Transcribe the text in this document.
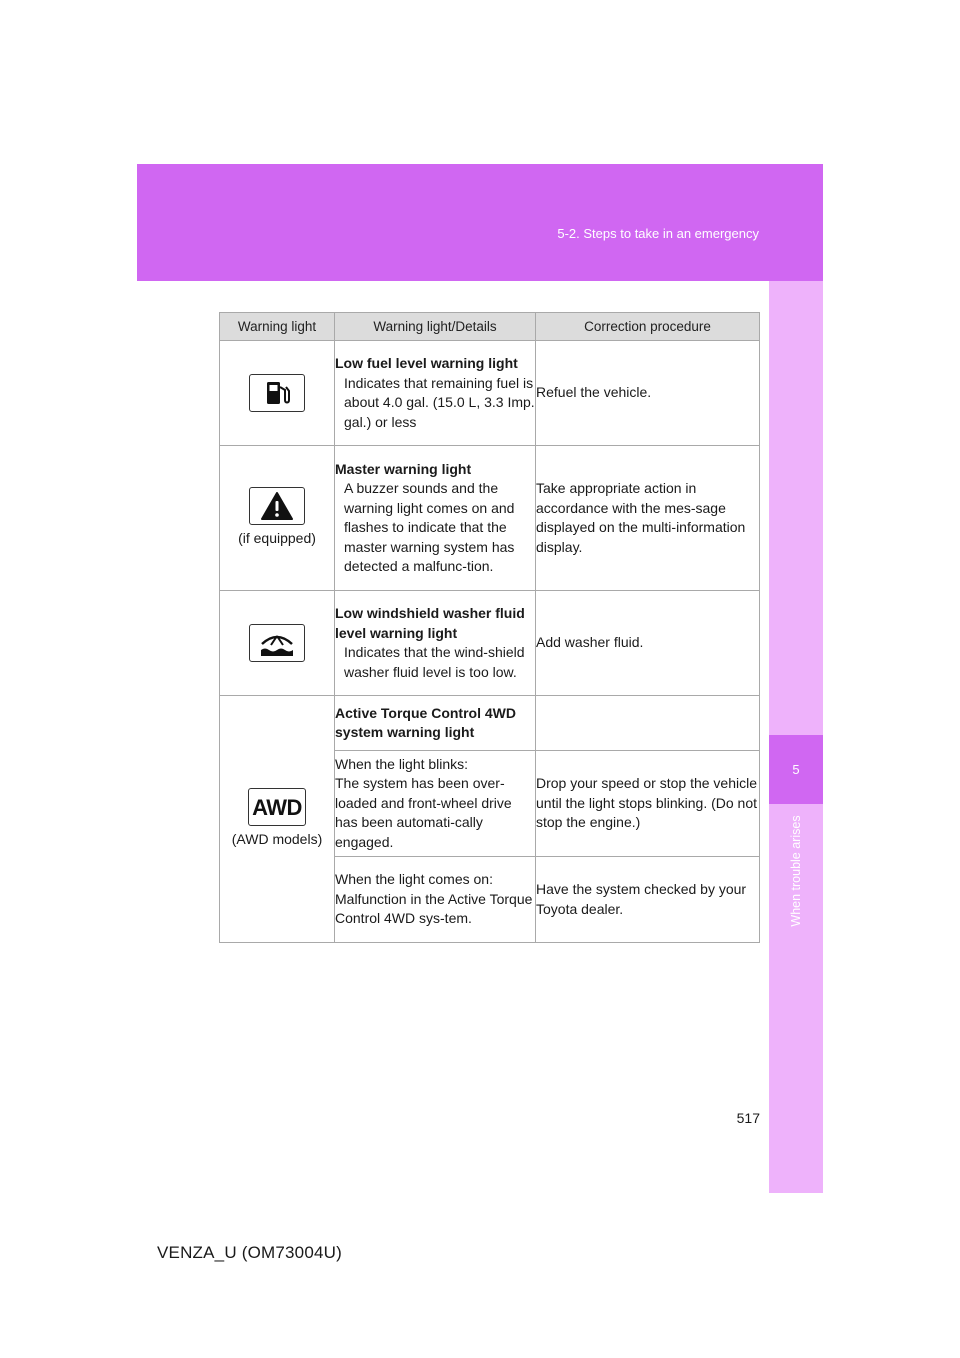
5-2. Steps to take in an emergency
5
When trouble arises
Warning light	Warning light/Details	Correction procedure

Low fuel level warning light
Indicates that remaining fuel is about 4.0 gal. (15.0 L, 3.3 Imp. gal.) or less	Refuel the vehicle.

(if equipped)	Master warning light
A buzzer sounds and the warning light comes on and flashes to indicate that the master warning system has detected a malfunc-tion.	Take appropriate action in accordance with the mes-sage displayed on the multi-information display.

Low windshield washer fluid level warning light
Indicates that the wind-shield washer fluid level is too low.	Add washer fluid.

AWD
(AWD models)	Active Torque Control 4WD system warning light	

	When the light blinks:
The system has been over-loaded and front-wheel drive has been automati-cally engaged.	Drop your speed or stop the vehicle until the light stops blinking. (Do not stop the engine.)

	When the light comes on:
Malfunction in the Active Torque Control 4WD sys-tem.	Have the system checked by your Toyota dealer.
517
VENZA_U (OM73004U)
